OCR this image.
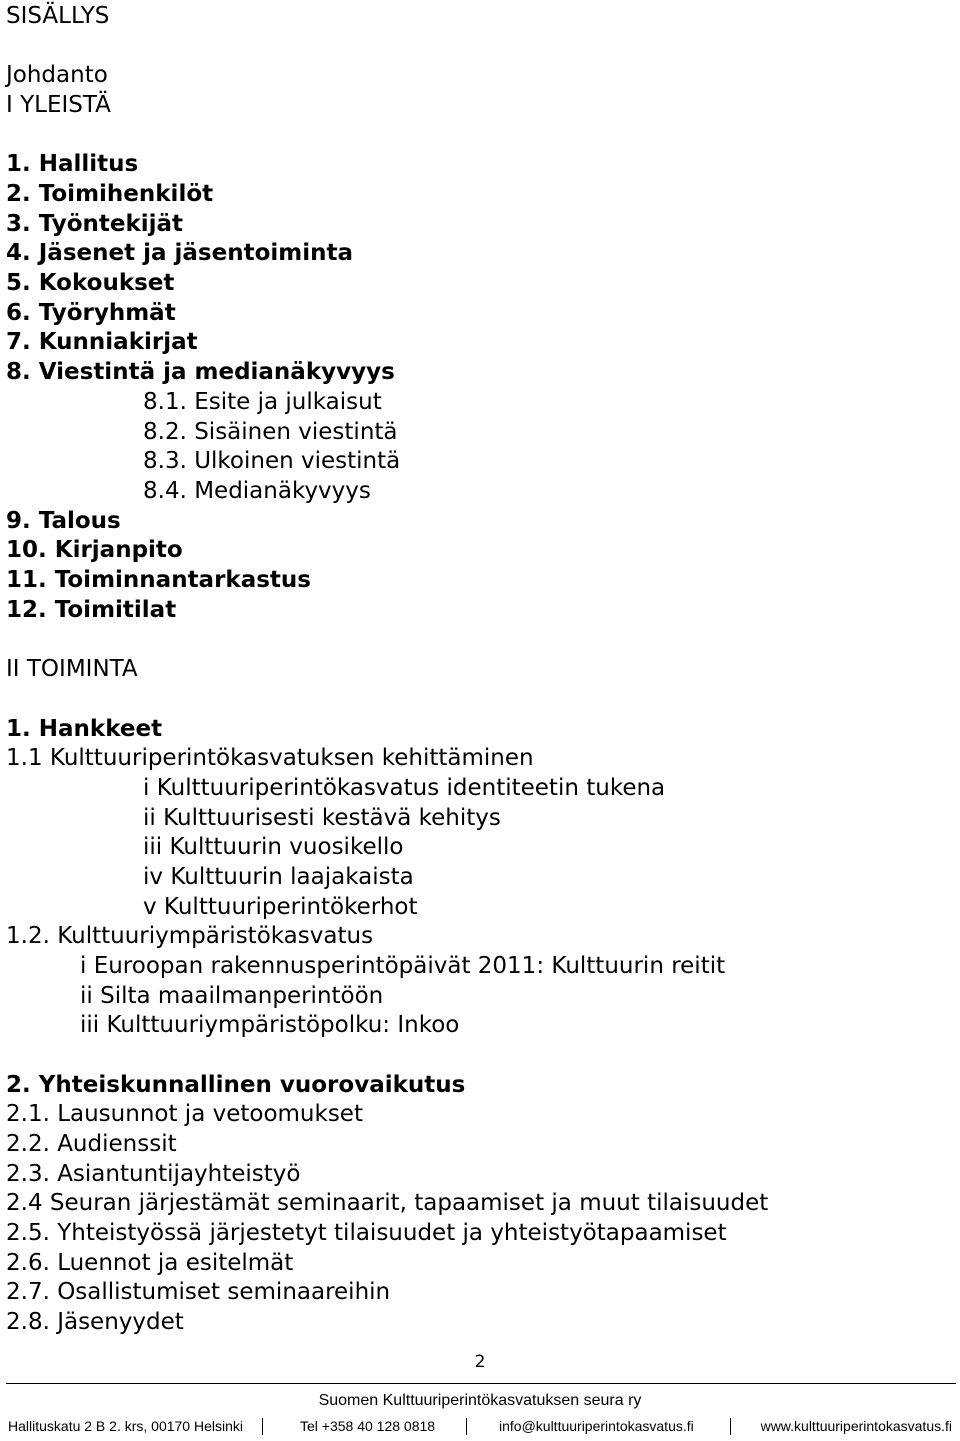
SISÄLLYS
Johdanto
I YLEISTÄ
1. Hallitus
2. Toimihenkilöt
3. Työntekijät
4. Jäsenet ja jäsentoiminta
5. Kokoukset
6. Työryhmät
7. Kunniakirjat
8. Viestintä ja medianäkyvyys
8.1. Esite ja julkaisut
8.2. Sisäinen viestintä
8.3. Ulkoinen viestintä
8.4. Medianäkyvyys
9. Talous
10. Kirjanpito
11. Toiminnantarkastus
12. Toimitilat
II TOIMINTA
1. Hankkeet
1.1 Kulttuuriperintökasvatuksen kehittäminen
i Kulttuuriperintökasvatus identiteetin tukena
ii Kulttuurisesti kestävä kehitys
iii Kulttuurin vuosikello
iv Kulttuurin laajakaista
v Kulttuuriperintökerhot
1.2. Kulttuuriympäristökasvatus
i Euroopan rakennusperintöpäivät 2011: Kulttuurin reitit
ii Silta maailmanperintöön
iii Kulttuuriympäristöpolku: Inkoo
2. Yhteiskunnallinen vuorovaikutus
2.1. Lausunnot ja vetoomukset
2.2. Audienssit
2.3. Asiantuntijayhteistyö
2.4 Seuran järjestämät seminaarit, tapaamiset ja muut tilaisuudet
2.5. Yhteistyössä järjestetyt tilaisuudet ja yhteistyötapaamiset
2.6. Luennot ja esitelmät
2.7. Osallistumiset seminaareihin
2.8. Jäsenyydet
2
Suomen Kulttuuriperintökasvatuksen seura ry
Hallituskatu 2 B 2. krs, 00170 Helsinki	Tel +358 40 128 0818	info@kulttuuriperintokasvatus.fi	www.kulttuuriperintokasvatus.fi
